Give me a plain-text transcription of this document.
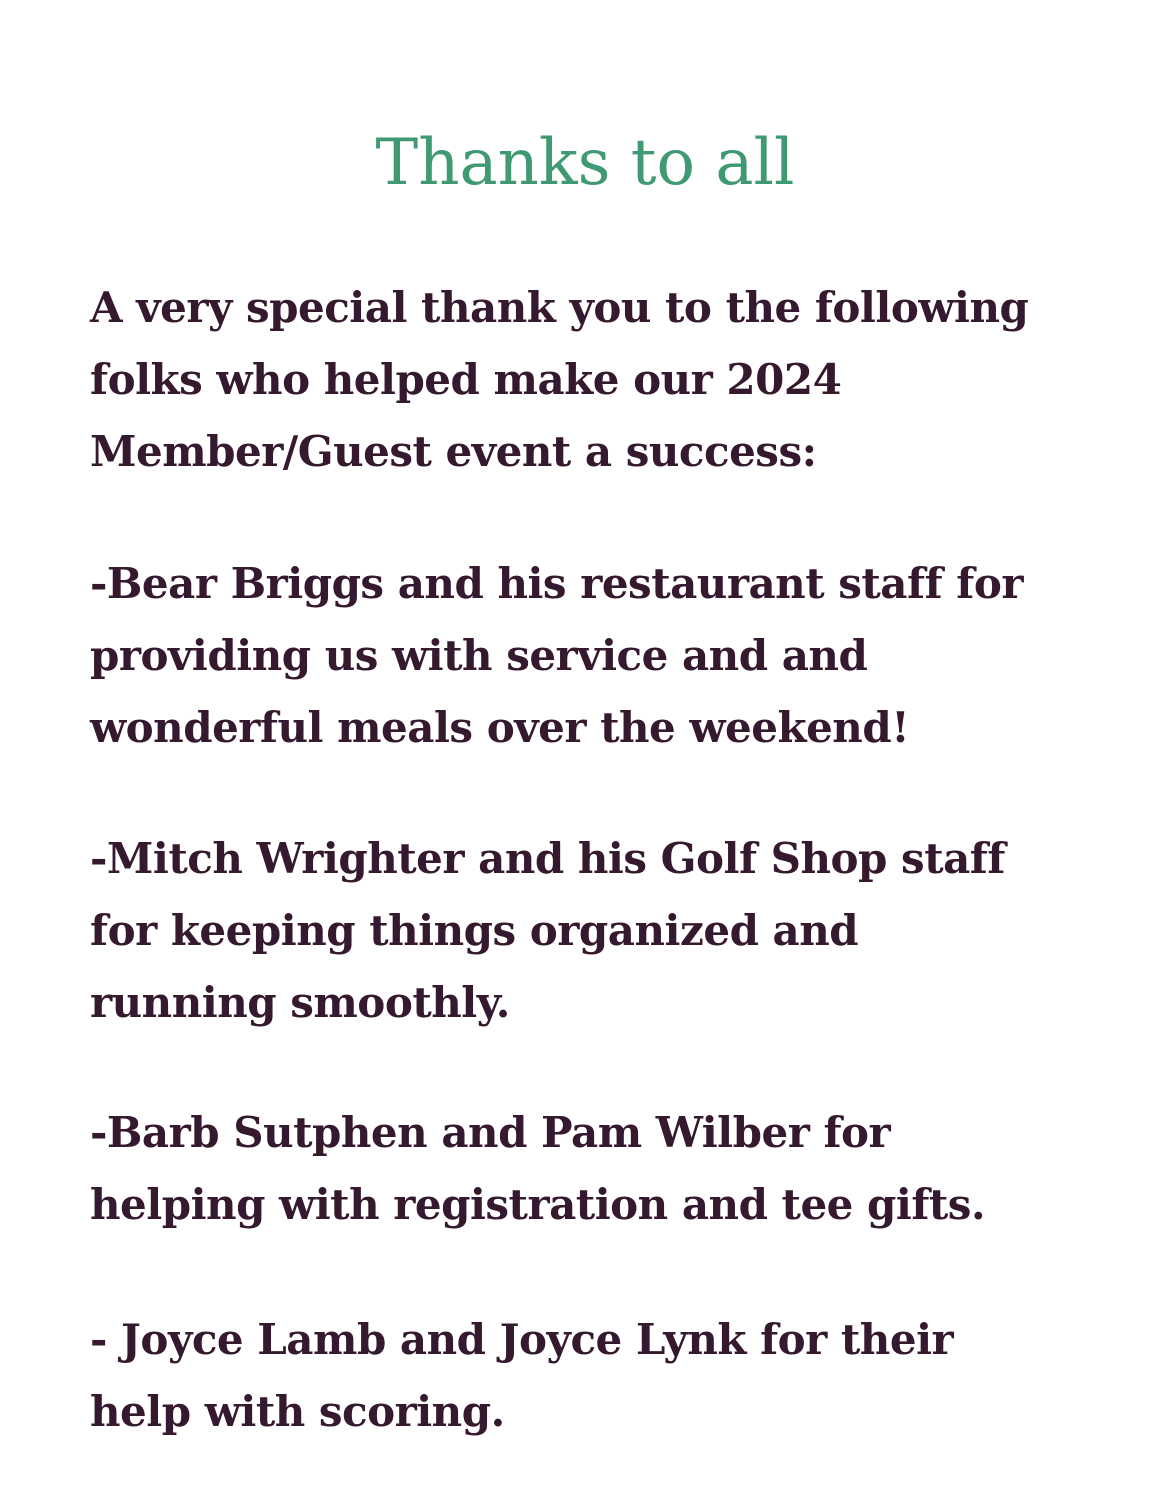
Thanks to all

A very special thank you to the following
folks who helped make our 2024
Member/Guest event a success:

-Bear Briggs and his restaurant staff for
providing us with service and and
wonderful meals over the weekend!

-Mitch Wrighter and his Golf Shop staff
for keeping things organized and
running smoothly.

-Barb Sutphen and Pam Wilber for
helping with registration and tee gifts.

- Joyce Lamb and Joyce Lynk for their
help with scoring.
